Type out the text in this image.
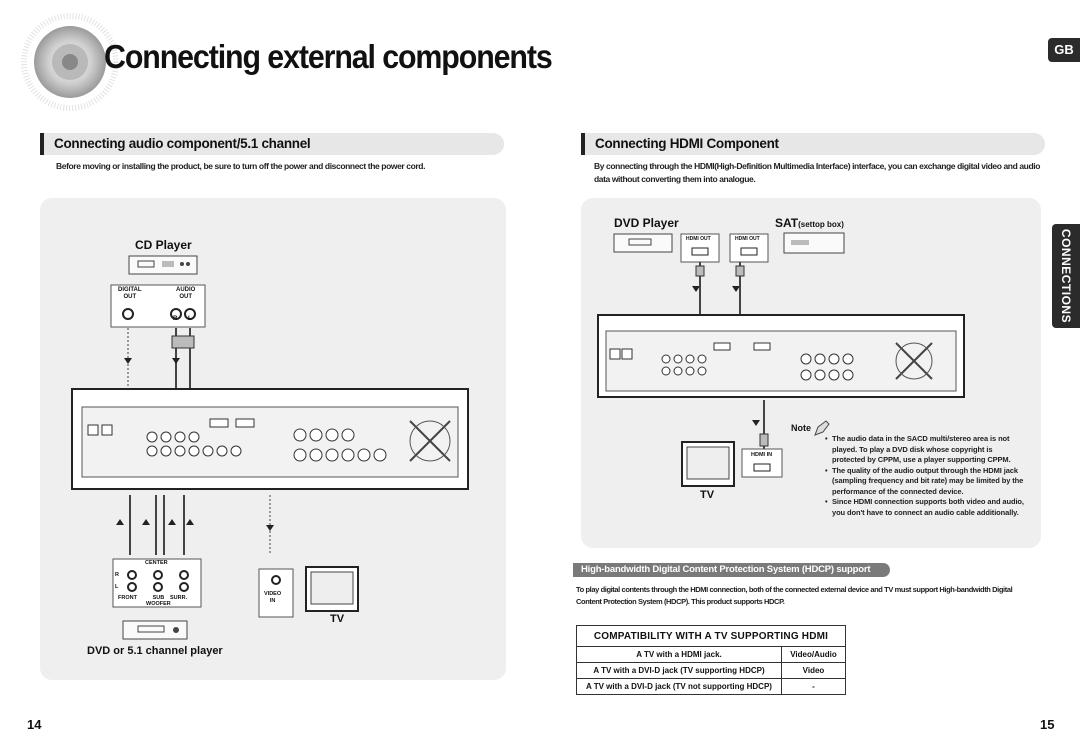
Connecting external components	GB
CONNECTIONS
Connecting audio component/5.1 channel
Before moving or installing the product, be sure to turn off the power and disconnect the power cord.
CD Player
DIGITAL
OUT
AUDIO
OUT
R L
CENTER
R
L
FRONT	SUB
WOOFER
SURR.
VIDEO
IN
TV
DVD or 5.1 channel player
Connecting HDMI Component
By connecting through the HDMI(High-Definition Multimedia Interface) interface, you can exchange digital video and audio data without converting them into analogue.
DVD Player	SAT(settop box)
HDMI OUT	HDMI OUT
HDMI IN
TV
Note
• The audio data in the SACD multi/stereo area is not played. To play a DVD disk whose copyright is protected by CPPM, use a player supporting CPPM.
• The quality of the audio output through the HDMI jack (sampling frequency and bit rate) may be limited by the performance of the connected device.
• Since HDMI connection supports both video and audio, you don't have to connect an audio cable additionally.
High-bandwidth Digital Content Protection System (HDCP) support
To play digital contents through the HDMI connection, both of the connected external device and TV must support High-bandwidth Digital Content Protection System (HDCP). This product supports HDCP.
COMPATIBILITY WITH A TV SUPPORTING HDMI	
A TV with a HDMI jack.	Video/Audio
A TV with a DVI-D jack (TV supporting HDCP)	Video
A TV with a DVI-D jack (TV not supporting HDCP)	-
14	15
